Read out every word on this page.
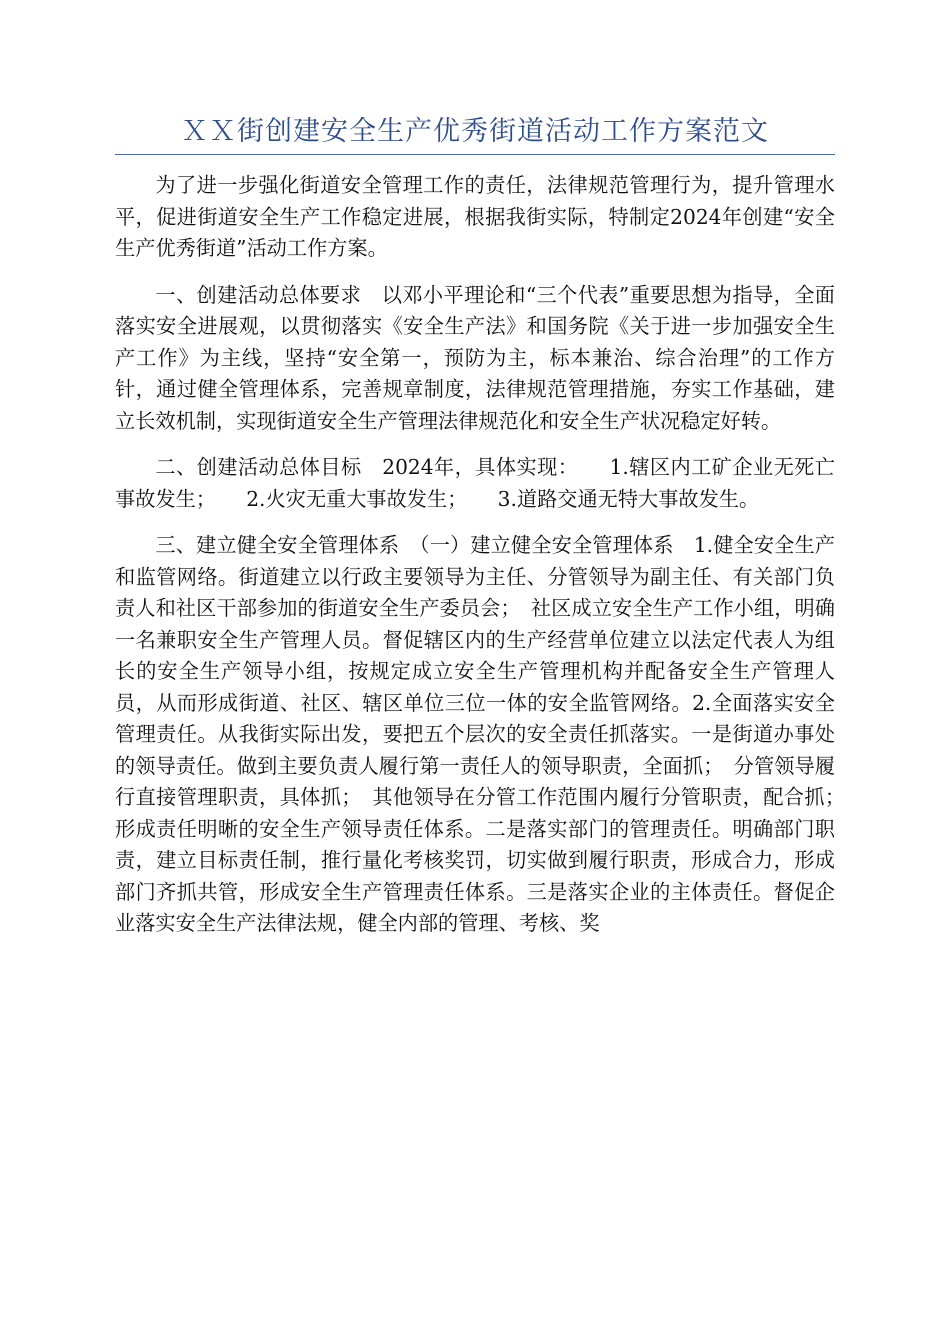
ＸＸ街创建安全生产优秀街道活动工作方案范文

为了进一步强化街道安全管理工作的责任，法律规范管理行为，提升管理水平，促进街道安全生产工作稳定进展，根据我街实际，特制定2024年创建“安全生产优秀街道”活动工作方案。

一、创建活动总体要求　以邓小平理论和“三个代表”重要思想为指导，全面落实安全进展观，以贯彻落实《安全生产法》和国务院《关于进一步加强安全生产工作》为主线，坚持“安全第一，预防为主，标本兼治、综合治理”的工作方针，通过健全管理体系，完善规章制度，法律规范管理措施，夯实工作基础，建立长效机制，实现街道安全生产管理法律规范化和安全生产状况稳定好转。

二、创建活动总体目标　2024年，具体实现：　　1.辖区内工矿企业无死亡事故发生；　　2.火灾无重大事故发生；　　3.道路交通无特大事故发生。

三、建立健全安全管理体系　（一）建立健全安全管理体系　1.健全安全生产和监管网络。街道建立以行政主要领导为主任、分管领导为副主任、有关部门负责人和社区干部参加的街道安全生产委员会；　社区成立安全生产工作小组，明确一名兼职安全生产管理人员。督促辖区内的生产经营单位建立以法定代表人为组长的安全生产领导小组，按规定成立安全生产管理机构并配备安全生产管理人员，从而形成街道、社区、辖区单位三位一体的安全监管网络。2.全面落实安全管理责任。从我街实际出发，要把五个层次的安全责任抓落实。一是街道办事处的领导责任。做到主要负责人履行第一责任人的领导职责，全面抓；　分管领导履行直接管理职责，具体抓；　其他领导在分管工作范围内履行分管职责，配合抓；　形成责任明晰的安全生产领导责任体系。二是落实部门的管理责任。明确部门职责，建立目标责任制，推行量化考核奖罚，切实做到履行职责，形成合力，形成部门齐抓共管，形成安全生产管理责任体系。三是落实企业的主体责任。督促企业落实安全生产法律法规，健全内部的管理、考核、奖
